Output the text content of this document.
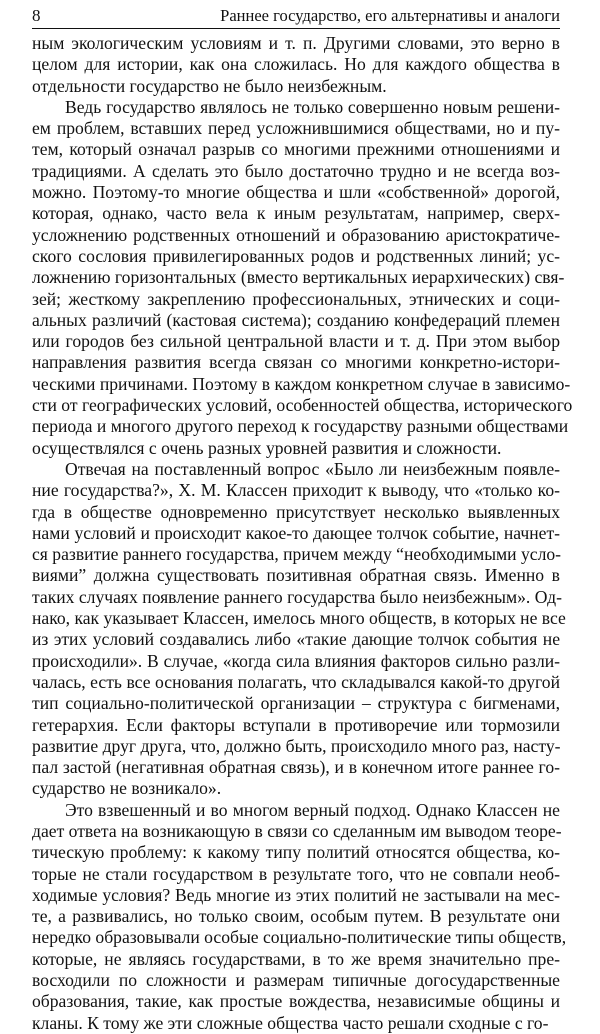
8	Раннее государство, его альтернативы и аналоги

ным экологическим условиям и т. п. Другими словами, это верно в
целом для истории, как она сложилась. Но для каждого общества в
отдельности государство не было неизбежным.

Ведь государство являлось не только совершенно новым решени-
ем проблем, вставших перед усложнившимися обществами, но и пу-
тем, который означал разрыв со многими прежними отношениями и
традициями. А сделать это было достаточно трудно и не всегда воз-
можно. Поэтому-то многие общества и шли «собственной» дорогой,
которая, однако, часто вела к иным результатам, например, сверх-
усложнению родственных отношений и образованию аристократиче-
ского сословия привилегированных родов и родственных линий; ус-
ложнению горизонтальных (вместо вертикальных иерархических) свя-
зей; жесткому закреплению профессиональных, этнических и соци-
альных различий (кастовая система); созданию конфедераций племен
или городов без сильной центральной власти и т. д. При этом выбор
направления развития всегда связан со многими конкретно-истори-
ческими причинами. Поэтому в каждом конкретном случае в зависимо-
сти от географических условий, особенностей общества, исторического
периода и многого другого переход к государству разными обществами
осуществлялся с очень разных уровней развития и сложности.

Отвечая на поставленный вопрос «Было ли неизбежным появле-
ние государства?», Х. М. Классен приходит к выводу, что «только ко-
гда в обществе одновременно присутствует несколько выявленных
нами условий и происходит какое-то дающее толчок событие, начнет-
ся развитие раннего государства, причем между “необходимыми усло-
виями” должна существовать позитивная обратная связь. Именно в
таких случаях появление раннего государства было неизбежным». Од-
нако, как указывает Классен, имелось много обществ, в которых не все
из этих условий создавались либо «такие дающие толчок события не
происходили». В случае, «когда сила влияния факторов сильно разли-
чалась, есть все основания полагать, что складывался какой-то другой
тип социально-политической организации – структура с бигменами,
гетерархия. Если факторы вступали в противоречие или тормозили
развитие друг друга, что, должно быть, происходило много раз, насту-
пал застой (негативная обратная связь), и в конечном итоге раннее го-
сударство не возникало».

Это взвешенный и во многом верный подход. Однако Классен не
дает ответа на возникающую в связи со сделанным им выводом теоре-
тическую проблему: к какому типу политий относятся общества, ко-
торые не стали государством в результате того, что не совпали необ-
ходимые условия? Ведь многие из этих политий не застывали на мес-
те, а развивались, но только своим, особым путем. В результате они
нередко образовывали особые социально-политические типы обществ,
которые, не являясь государствами, в то же время значительно пре-
восходили по сложности и размерам типичные догосударственные
образования, такие, как простые вождества, независимые общины и
кланы. К тому же эти сложные общества часто решали сходные с го-
